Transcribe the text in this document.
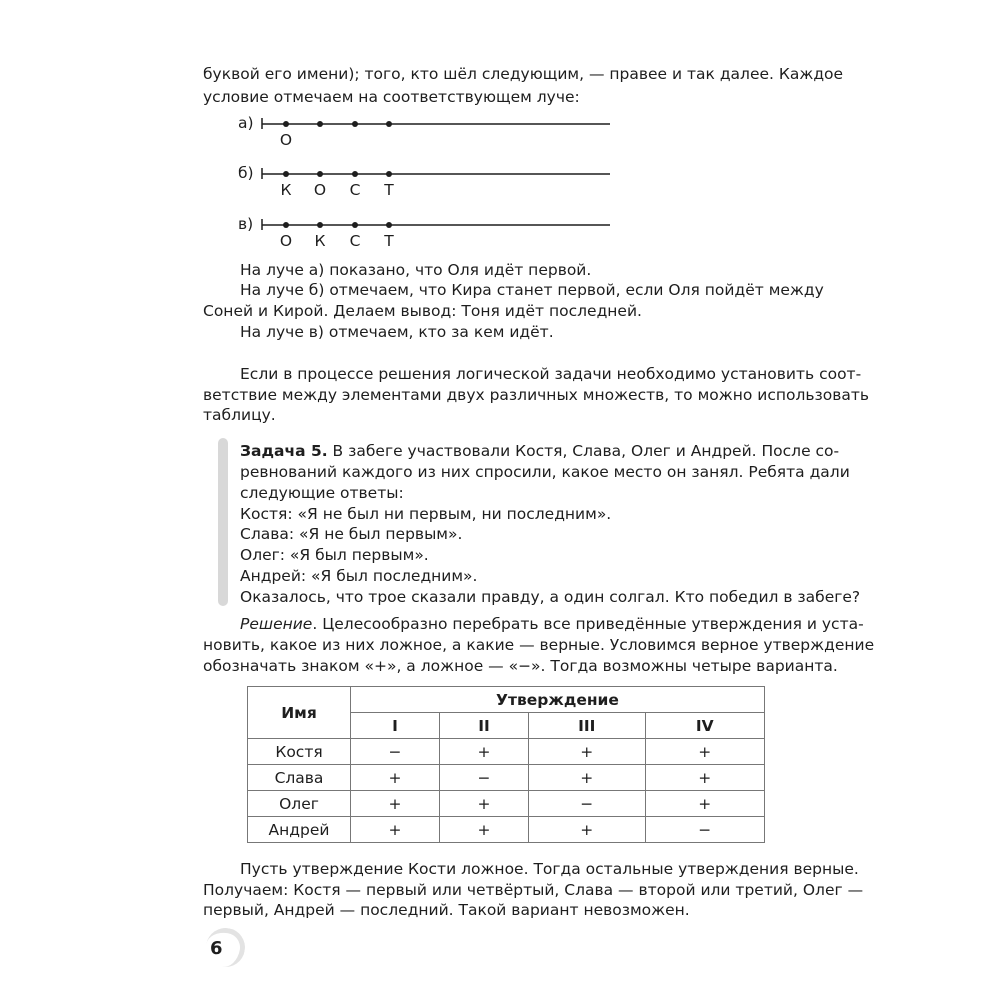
буквой его имени); того, кто шёл следующим, — правее и так далее. Каждое
условие отмечаем на соответствующем луче:
а)
О
б)
К О С	Т
в)
О К С	Т
На луче а) показано, что Оля идёт первой.
На луче б) отмечаем, что Кира станет первой, если Оля пойдёт между
Соней и Кирой. Делаем вывод: Тоня идёт последней.
На луче в) отмечаем, кто за кем идёт.
Если в процессе решения логической задачи необходимо установить соот-
ветствие между элементами двух различных множеств, то можно использовать
таблицу.
Задача 5. В забеге участвовали Костя, Слава, Олег и Андрей. После со-
ревнований каждого из них спросили, какое место он занял. Ребята дали
следующие ответы:
Костя: «Я не был ни первым, ни последним».
Слава: «Я не был первым».
Олег: «Я был первым».
Андрей: «Я был последним».
Оказалось, что трое сказали правду, а один солгал. Кто победил в забеге?
Решение. Целесообразно перебрать все приведённые утверждения и уста-
новить, какое из них ложное, а какие — верные. Условимся верное утверждение
обозначать знаком «+», а ложное — «−». Тогда возможны четыре варианта.
Имя	Утверждение			
	I	II	III	IV
Костя	−	+	+	+
Слава	+	−	+	+
Олег	+	+	−	+
Андрей	+	+	+	−
Пусть утверждение Кости ложное. Тогда остальные утверждения верные.
Получаем: Костя — первый или четвёртый, Слава — второй или третий, Олег —
первый, Андрей — последний. Такой вариант невозможен.
6
